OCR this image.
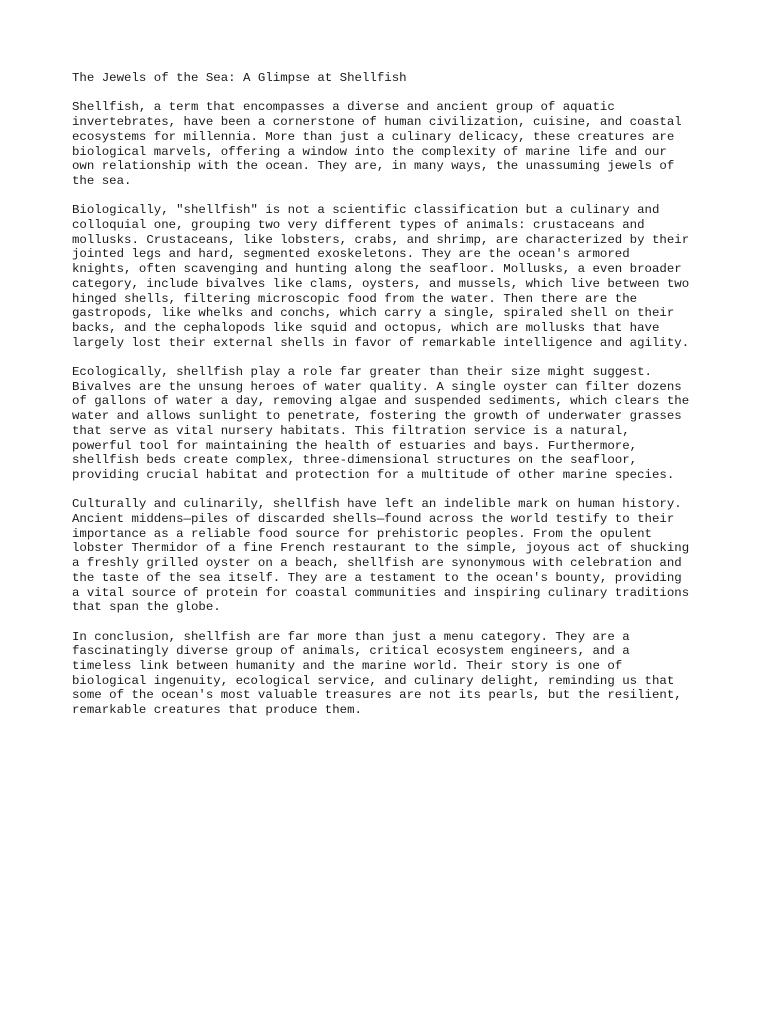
The Jewels of the Sea: A Glimpse at Shellfish

Shellfish, a term that encompasses a diverse and ancient group of aquatic
invertebrates, have been a cornerstone of human civilization, cuisine, and coastal
ecosystems for millennia. More than just a culinary delicacy, these creatures are
biological marvels, offering a window into the complexity of marine life and our
own relationship with the ocean. They are, in many ways, the unassuming jewels of
the sea.

Biologically, "shellfish" is not a scientific classification but a culinary and
colloquial one, grouping two very different types of animals: crustaceans and
mollusks. Crustaceans, like lobsters, crabs, and shrimp, are characterized by their
jointed legs and hard, segmented exoskeletons. They are the ocean's armored
knights, often scavenging and hunting along the seafloor. Mollusks, a even broader
category, include bivalves like clams, oysters, and mussels, which live between two
hinged shells, filtering microscopic food from the water. Then there are the
gastropods, like whelks and conchs, which carry a single, spiraled shell on their
backs, and the cephalopods like squid and octopus, which are mollusks that have
largely lost their external shells in favor of remarkable intelligence and agility.

Ecologically, shellfish play a role far greater than their size might suggest.
Bivalves are the unsung heroes of water quality. A single oyster can filter dozens
of gallons of water a day, removing algae and suspended sediments, which clears the
water and allows sunlight to penetrate, fostering the growth of underwater grasses
that serve as vital nursery habitats. This filtration service is a natural,
powerful tool for maintaining the health of estuaries and bays. Furthermore,
shellfish beds create complex, three-dimensional structures on the seafloor,
providing crucial habitat and protection for a multitude of other marine species.

Culturally and culinarily, shellfish have left an indelible mark on human history.
Ancient middens—piles of discarded shells—found across the world testify to their
importance as a reliable food source for prehistoric peoples. From the opulent
lobster Thermidor of a fine French restaurant to the simple, joyous act of shucking
a freshly grilled oyster on a beach, shellfish are synonymous with celebration and
the taste of the sea itself. They are a testament to the ocean's bounty, providing
a vital source of protein for coastal communities and inspiring culinary traditions
that span the globe.

In conclusion, shellfish are far more than just a menu category. They are a
fascinatingly diverse group of animals, critical ecosystem engineers, and a
timeless link between humanity and the marine world. Their story is one of
biological ingenuity, ecological service, and culinary delight, reminding us that
some of the ocean's most valuable treasures are not its pearls, but the resilient,
remarkable creatures that produce them.
